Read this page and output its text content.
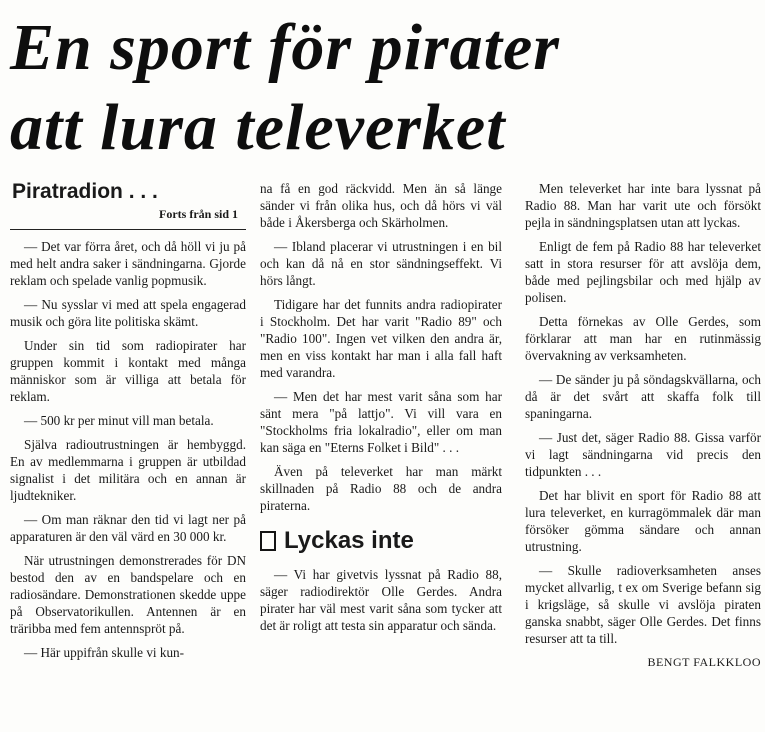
En sport för pirater
att lura televerket
Piratradion . . .
Forts från sid 1

— Det var förra året, och då höll vi ju på med helt andra saker i sändningarna. Gjorde reklam och spelade vanlig popmusik.

— Nu sysslar vi med att spela engagerad musik och göra lite politiska skämt.

Under sin tid som radiopirater har gruppen kommit i kontakt med många människor som är villiga att betala för reklam.

— 500 kr per minut vill man betala.

Själva radioutrustningen är hembyggd. En av medlemmarna i gruppen är utbildad signalist i det militära och en annan är ljudtekniker.

— Om man räknar den tid vi lagt ner på apparaturen är den väl värd en 30 000 kr.

När utrustningen demonstrerades för DN bestod den av en bandspelare och en radiosändare. Demonstrationen skedde uppe på Observatorikullen. Antennen är en träribba med fem antennspröt på.

— Här uppifrån skulle vi kun-

na få en god räckvidd. Men än så länge sänder vi från olika hus, och då hörs vi väl både i Åkersberga och Skärholmen.

— Ibland placerar vi utrustningen i en bil och kan då nå en stor sändningseffekt. Vi hörs långt.

Tidigare har det funnits andra radiopirater i Stockholm. Det har varit "Radio 89" och "Radio 100". Ingen vet vilken den andra är, men en viss kontakt har man i alla fall haft med varandra.

— Men det har mest varit såna som har sänt mera "på lattjo". Vi vill vara en "Stockholms fria lokalradio", eller om man kan säga en "Eterns Folket i Bild" . . .

Även på televerket har man märkt skillnaden på Radio 88 och de andra piraterna.

Lyckas inte

— Vi har givetvis lyssnat på Radio 88, säger radiodirektör Olle Gerdes. Andra pirater har väl mest varit såna som tycker att det är roligt att testa sin apparatur och sända.

Men televerket har inte bara lyssnat på Radio 88. Man har varit ute och försökt pejla in sändningsplatsen utan att lyckas.

Enligt de fem på Radio 88 har televerket satt in stora resurser för att avslöja dem, både med pejlingsbilar och med hjälp av polisen.

Detta förnekas av Olle Gerdes, som förklarar att man har en rutinmässig övervakning av verksamheten.

— De sänder ju på söndagskvällarna, och då är det svårt att skaffa folk till spaningarna.

— Just det, säger Radio 88. Gissa varför vi lagt sändningarna vid precis den tidpunkten . . .

Det har blivit en sport för Radio 88 att lura televerket, en kurragömmalek där man försöker gömma sändare och annan utrustning.

— Skulle radioverksamheten anses mycket allvarlig, t ex om Sverige befann sig i krigsläge, så skulle vi avslöja piraten ganska snabbt, säger Olle Gerdes. Det finns resurser att ta till.

BENGT FALKKLOO
